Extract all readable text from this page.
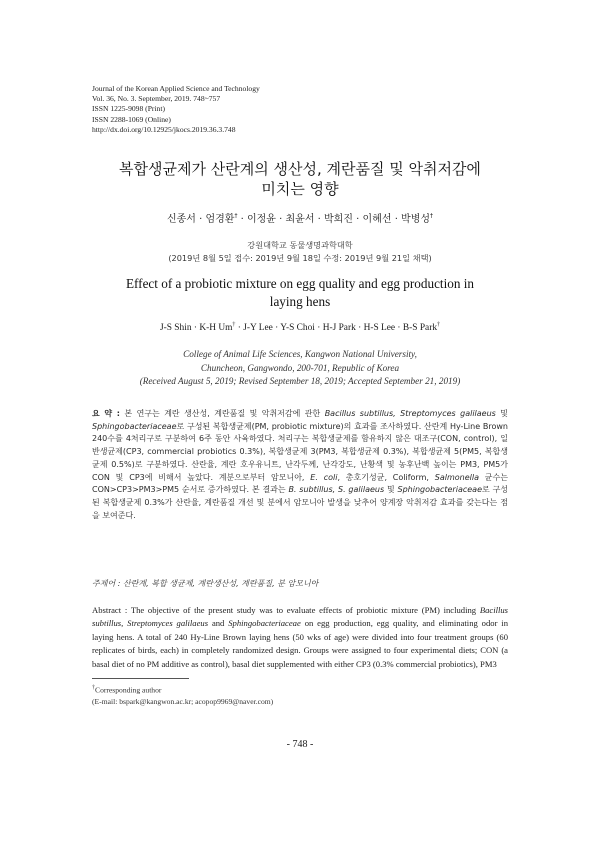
Journal of the Korean Applied Science and Technology
Vol. 36, No. 3. September, 2019. 748~757
ISSN 1225-9098 (Print)
ISSN 2288-1069 (Online)
http://dx.doi.org/10.12925/jkocs.2019.36.3.748
복합생균제가 산란계의 생산성, 계란품질 및 악취저감에
미치는 영향
신종서 · 엄경환† · 이정윤 · 최윤서 · 박희진 · 이혜선 · 박병성†
강원대학교 동물생명과학대학
(2019년 8월 5일 접수: 2019년 9월 18일 수정: 2019년 9월 21일 채택)
Effect of a probiotic mixture on egg quality and egg production in
laying hens
J-S Shin · K-H Um† · J-Y Lee · Y-S Choi · H-J Park · H-S Lee · B-S Park†
College of Animal Life Sciences, Kangwon National University,
Chuncheon, Gangwondo, 200-701, Republic of Korea
(Received August 5, 2019; Revised September 18, 2019; Accepted September 21, 2019)
요 약 : 본 연구는 계란 생산성, 계란품질 및 악취저감에 관한 Bacillus subtillus, Streptomyces galilaeus 및 Sphingobacteriaceae로 구성된 복합생균제(PM, probiotic mixture)의 효과를 조사하였다. 산란계 Hy-Line Brown 240수를 4처리구로 구분하여 6주 동안 사육하였다. 처리구는 복합생균제를 함유하지 않은 대조구(CON, control), 일반생균제(CP3, commercial probiotics 0.3%), 복합생균제 3(PM3, 복합생균제 0.3%), 복합생균제 5(PM5, 복합생균제 0.5%)로 구분하였다. 산란율, 계란 호우유니트, 난각두께, 난각강도, 난황색 및 농후난백 높이는 PM3, PM5가 CON 및 CP3에 비해서 높았다. 계분으로부터 암모니아, E. coli, 총호기성균, Coliform, Salmonella 균수는 CON>CP3>PM3>PM5 순서로 증가하였다. 본 결과는 B. subtillus, S. galilaeus 및 Sphingobacteriaceae로 구성된 복합생균제 0.3%가 산란율, 계란품질 개선 및 분에서 암모니아 발생을 낮추어 양계장 악취저감 효과를 갖는다는 점을 보여준다.
주제어 : 산란계, 복합 생균제, 계란생산성, 계란품질, 분 암모니아
Abstract : The objective of the present study was to evaluate effects of probiotic mixture (PM) including Bacillus subtillus, Streptomyces galilaeus and Sphingobacteriaceae on egg production, egg quality, and eliminating odor in laying hens. A total of 240 Hy-Line Brown laying hens (50 wks of age) were divided into four treatment groups (60 replicates of birds, each) in completely randomized design. Groups were assigned to four experimental diets; CON (a basal diet of no PM additive as control), basal diet supplemented with either CP3 (0.3% commercial probiotics), PM3
†Corresponding author
(E-mail: bspark@kangwon.ac.kr; acopop9969@naver.com)
- 748 -
